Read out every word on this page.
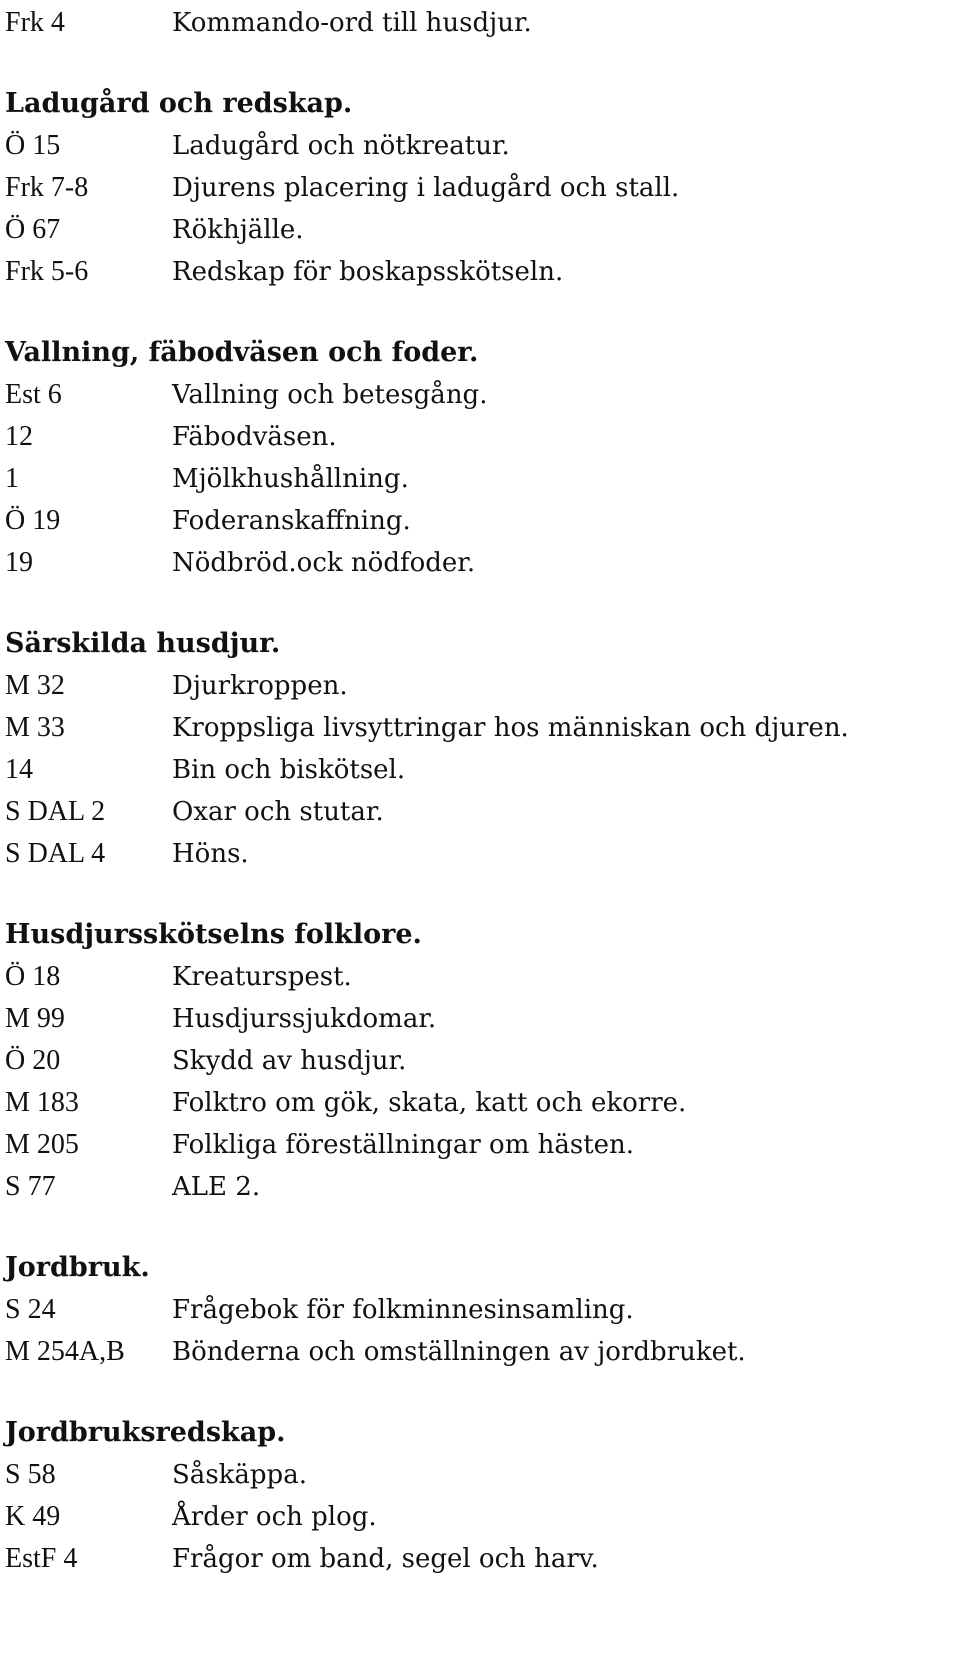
Frk 4	Kommando-ord till husdjur.
Ladugård och redskap.
Ö 15	Ladugård och nötkreatur.
Frk 7-8	Djurens placering i ladugård och stall.
Ö 67	Rökhjälle.
Frk 5-6	Redskap för boskapsskötseln.
Vallning, fäbodväsen och foder.
Est 6	Vallning och betesgång.
12	Fäbodväsen.
1	Mjölkhushållning.
Ö 19	Foderanskaffning.
19	Nödbröd.ock nödfoder.
Särskilda husdjur.
M 32	Djurkroppen.
M 33	Kroppsliga livsyttringar hos människan och djuren.
14	Bin och biskötsel.
S DAL 2	Oxar och stutar.
S DAL 4	Höns.
Husdjursskötselns folklore.
Ö 18	Kreaturspest.
M 99	Husdjurssjukdomar.
Ö 20	Skydd av husdjur.
M 183	Folktro om gök, skata, katt och ekorre.
M 205	Folkliga föreställningar om hästen.
S 77	ALE 2.
Jordbruk.
S 24	Frågebok för folkminnesinsamling.
M 254A,B	Bönderna och omställningen av jordbruket.
Jordbruksredskap.
S 58	Såskäppa.
K 49	Årder och plog.
EstF 4	Frågor om band, segel och harv.
